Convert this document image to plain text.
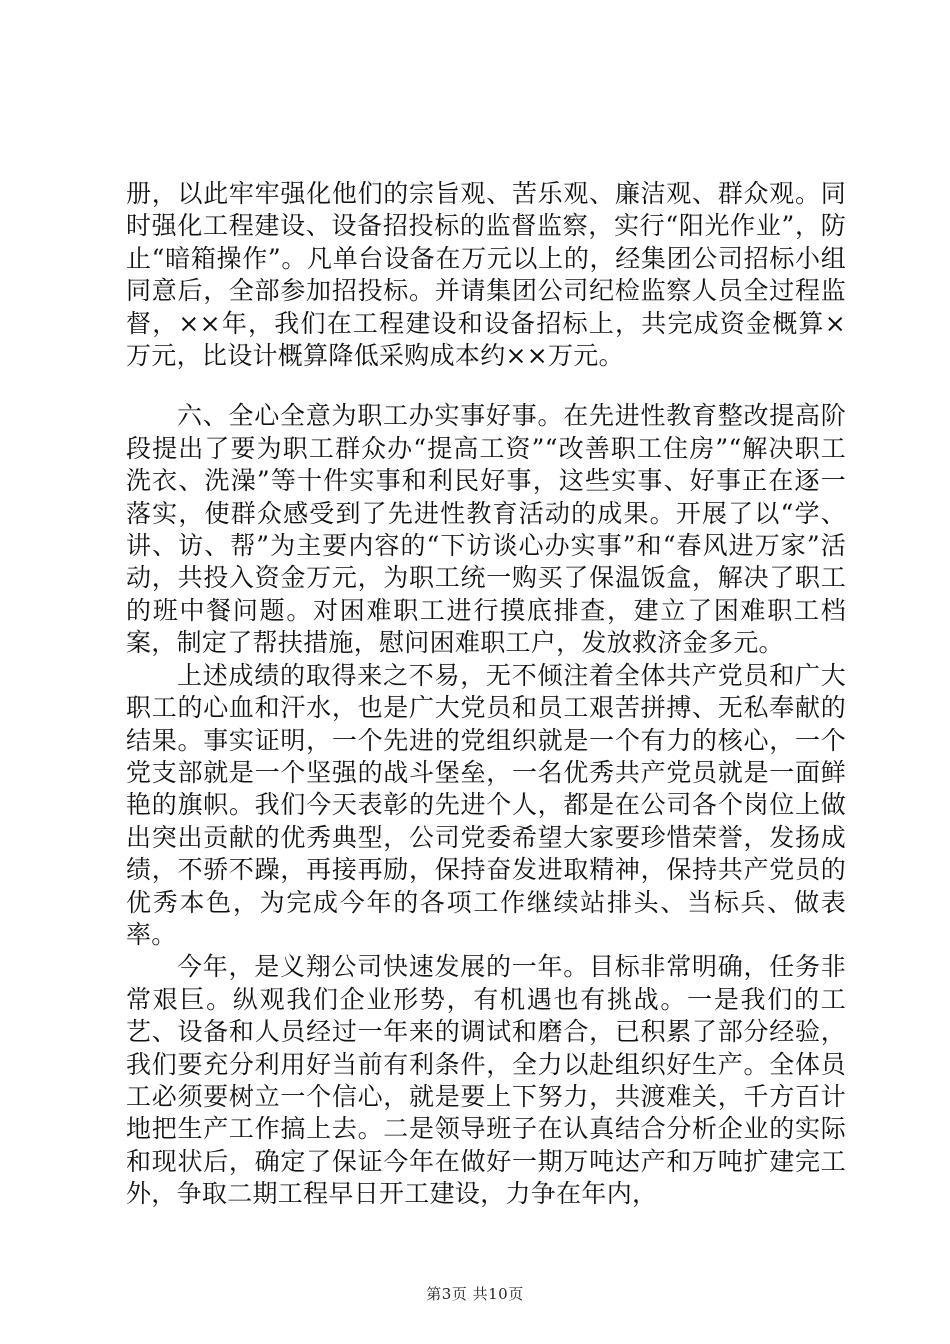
册，以此牢牢强化他们的宗旨观、苦乐观、廉洁观、群众观。同时强化工程建设、设备招投标的监督监察，实行“阳光作业”，防止“暗箱操作”。凡单台设备在万元以上的，经集团公司招标小组同意后，全部参加招投标。并请集团公司纪检监察人员全过程监督，××年，我们在工程建设和设备招标上，共完成资金概算×万元，比设计概算降低采购成本约××万元。

六、全心全意为职工办实事好事。在先进性教育整改提高阶段提出了要为职工群众办“提高工资”“改善职工住房”“解决职工洗衣、洗澡”等十件实事和利民好事，这些实事、好事正在逐一落实，使群众感受到了先进性教育活动的成果。开展了以“学、讲、访、帮”为主要内容的“下访谈心办实事”和“春风进万家”活动，共投入资金万元，为职工统一购买了保温饭盒，解决了职工的班中餐问题。对困难职工进行摸底排查，建立了困难职工档案，制定了帮扶措施，慰问困难职工户，发放救济金多元。

上述成绩的取得来之不易，无不倾注着全体共产党员和广大职工的心血和汗水，也是广大党员和员工艰苦拼搏、无私奉献的结果。事实证明，一个先进的党组织就是一个有力的核心，一个党支部就是一个坚强的战斗堡垒，一名优秀共产党员就是一面鲜艳的旗帜。我们今天表彰的先进个人，都是在公司各个岗位上做出突出贡献的优秀典型，公司党委希望大家要珍惜荣誉，发扬成绩，不骄不躁，再接再励，保持奋发进取精神，保持共产党员的优秀本色，为完成今年的各项工作继续站排头、当标兵、做表率。

今年，是义翔公司快速发展的一年。目标非常明确，任务非常艰巨。纵观我们企业形势，有机遇也有挑战。一是我们的工艺、设备和人员经过一年来的调试和磨合，已积累了部分经验，我们要充分利用好当前有利条件，全力以赴组织好生产。全体员工必须要树立一个信心，就是要上下努力，共渡难关，千方百计地把生产工作搞上去。二是领导班子在认真结合分析企业的实际和现状后，确定了保证今年在做好一期万吨达产和万吨扩建完工外，争取二期工程早日开工建设，力争在年内，

第3页 共10页
